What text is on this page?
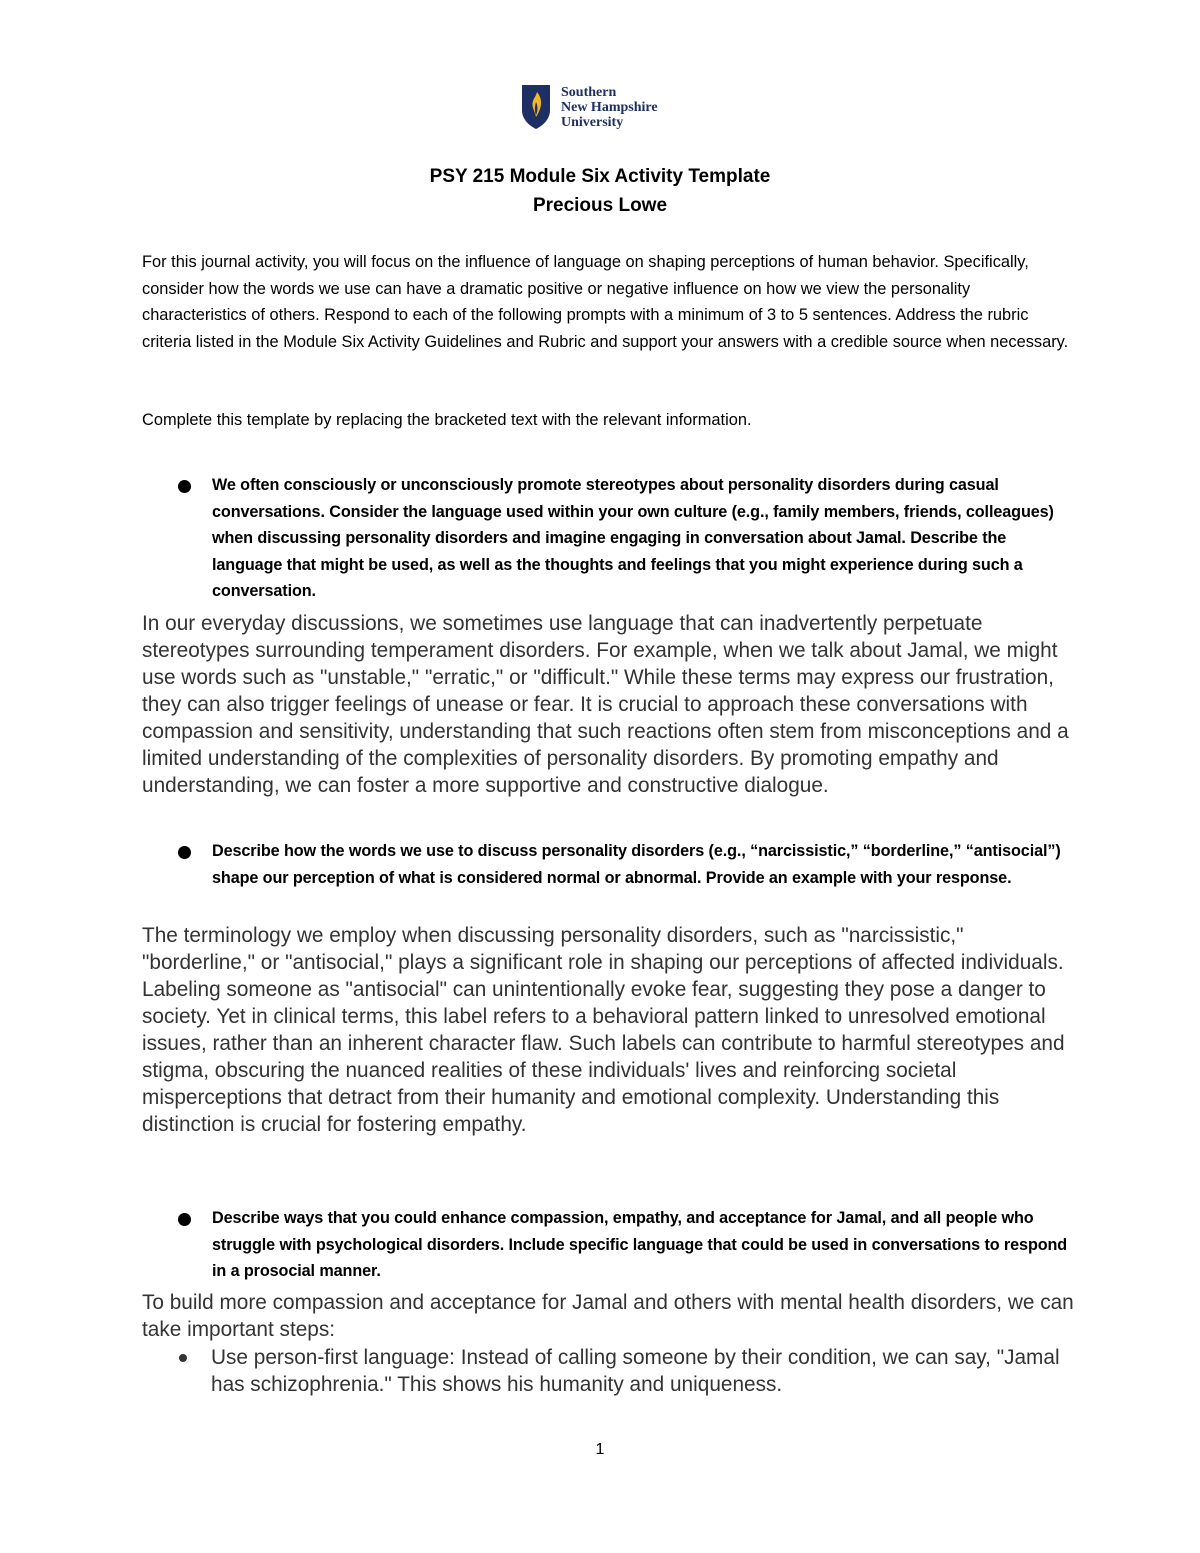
Southern
New Hampshire
University
PSY 215 Module Six Activity Template
Precious Lowe

For this journal activity, you will focus on the influence of language on shaping perceptions of human behavior. Specifically, consider how the words we use can have a dramatic positive or negative influence on how we view the personality characteristics of others. Respond to each of the following prompts with a minimum of 3 to 5 sentences. Address the rubric criteria listed in the Module Six Activity Guidelines and Rubric and support your answers with a credible source when necessary.

Complete this template by replacing the bracketed text with the relevant information.

We often consciously or unconsciously promote stereotypes about personality disorders during casual conversations. Consider the language used within your own culture (e.g., family members, friends, colleagues) when discussing personality disorders and imagine engaging in conversation about Jamal. Describe the language that might be used, as well as the thoughts and feelings that you might experience during such a conversation.

In our everyday discussions, we sometimes use language that can inadvertently perpetuate stereotypes surrounding temperament disorders. For example, when we talk about Jamal, we might use words such as "unstable," "erratic," or "difficult." While these terms may express our frustration, they can also trigger feelings of unease or fear. It is crucial to approach these conversations with compassion and sensitivity, understanding that such reactions often stem from misconceptions and a limited understanding of the complexities of personality disorders. By promoting empathy and understanding, we can foster a more supportive and constructive dialogue.

Describe how the words we use to discuss personality disorders (e.g., “narcissistic,” “borderline,” “antisocial”) shape our perception of what is considered normal or abnormal. Provide an example with your response.

The terminology we employ when discussing personality disorders, such as "narcissistic," "borderline," or "antisocial," plays a significant role in shaping our perceptions of affected individuals. Labeling someone as "antisocial" can unintentionally evoke fear, suggesting they pose a danger to society. Yet in clinical terms, this label refers to a behavioral pattern linked to unresolved emotional issues, rather than an inherent character flaw. Such labels can contribute to harmful stereotypes and stigma, obscuring the nuanced realities of these individuals' lives and reinforcing societal misperceptions that detract from their humanity and emotional complexity. Understanding this distinction is crucial for fostering empathy.

Describe ways that you could enhance compassion, empathy, and acceptance for Jamal, and all people who struggle with psychological disorders. Include specific language that could be used in conversations to respond in a prosocial manner.

To build more compassion and acceptance for Jamal and others with mental health disorders, we can take important steps:

Use person-first language: Instead of calling someone by their condition, we can say, "Jamal has schizophrenia." This shows his humanity and uniqueness.

1
